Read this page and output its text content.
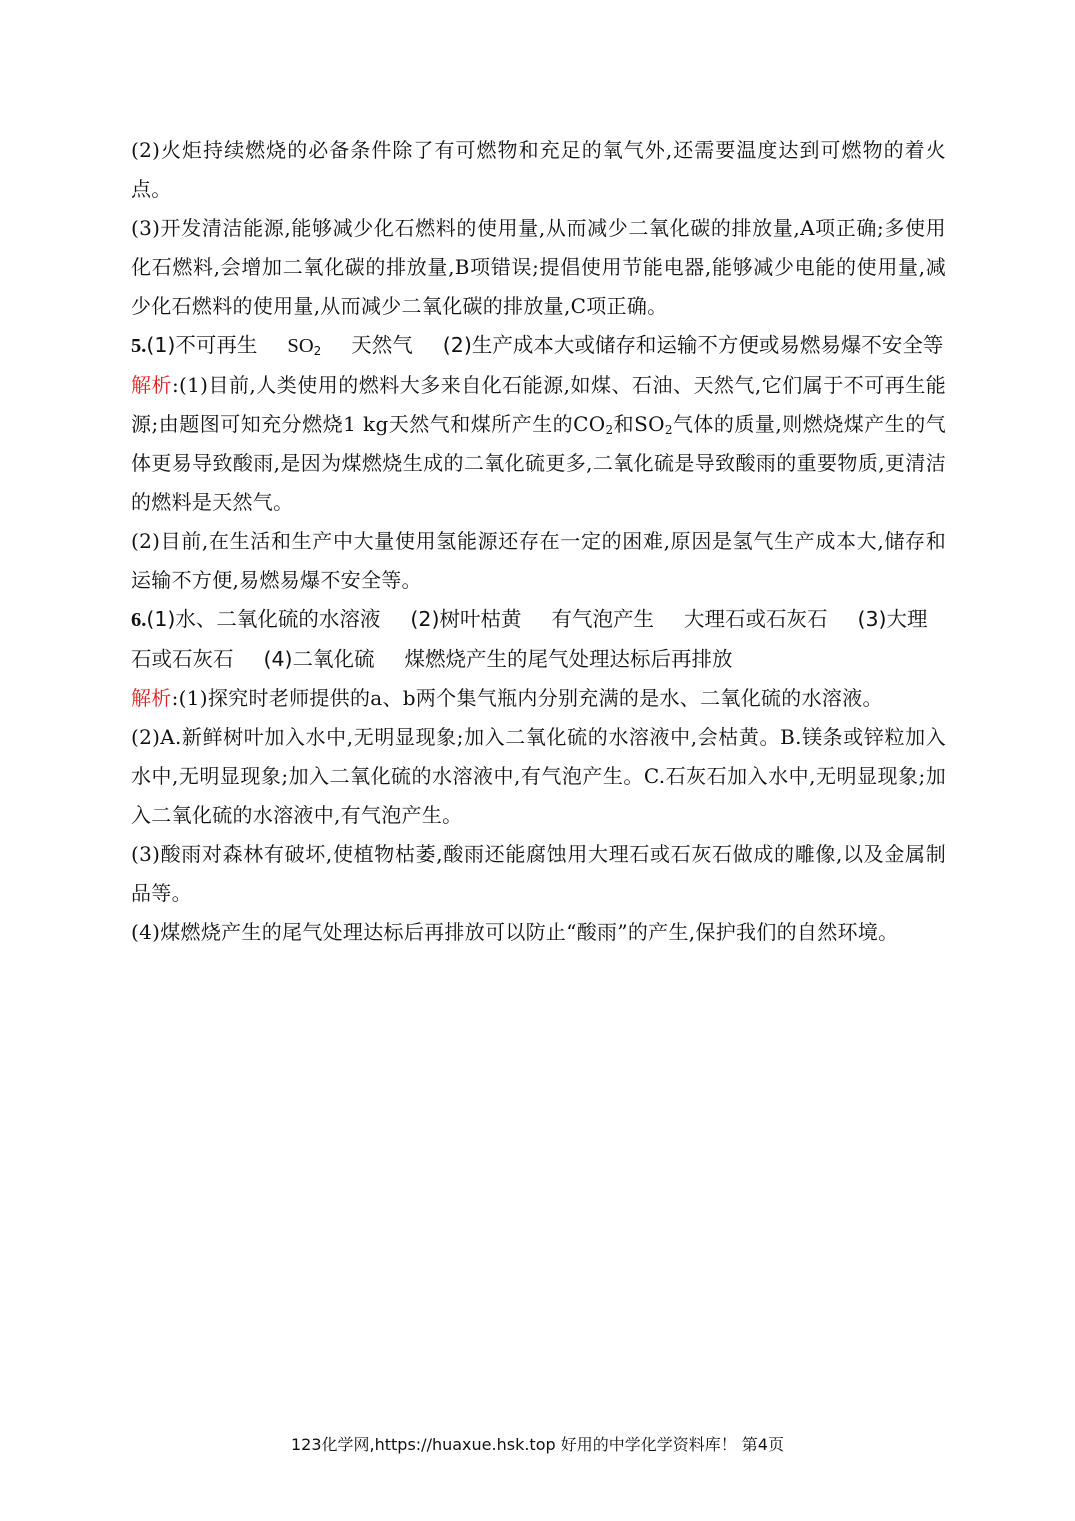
(2)火炬持续燃烧的必备条件除了有可燃物和充足的氧气外,还需要温度达到可燃物的着火点。

(3)开发清洁能源,能够减少化石燃料的使用量,从而减少二氧化碳的排放量,A项正确;多使用化石燃料,会增加二氧化碳的排放量,B项错误;提倡使用节能电器,能够减少电能的使用量,减少化石燃料的使用量,从而减少二氧化碳的排放量,C项正确。

5.(1)不可再生 $SO_2$ 天然气 (2)生产成本大或储存和运输不方便或易燃易爆不安全等

解析:(1)目前,人类使用的燃料大多来自化石能源,如煤、石油、天然气,它们属于不可再生能源;由题图可知充分燃烧1 kg天然气和煤所产生的$CO_2$和$SO_2$气体的质量,则燃烧煤产生的气体更易导致酸雨,是因为煤燃烧生成的二氧化硫更多,二氧化硫是导致酸雨的重要物质,更清洁的燃料是天然气。

(2)目前,在生活和生产中大量使用氢能源还存在一定的困难,原因是氢气生产成本大,储存和运输不方便,易燃易爆不安全等。

6.(1)水、二氧化硫的水溶液 (2)树叶枯黄 有气泡产生 大理石或石灰石 (3)大理石或石灰石 (4)二氧化硫 煤燃烧产生的尾气处理达标后再排放

解析:(1)探究时老师提供的a、b两个集气瓶内分别充满的是水、二氧化硫的水溶液。

(2)A.新鲜树叶加入水中,无明显现象;加入二氧化硫的水溶液中,会枯黄。B.镁条或锌粒加入水中,无明显现象;加入二氧化硫的水溶液中,有气泡产生。C.石灰石加入水中,无明显现象;加入二氧化硫的水溶液中,有气泡产生。

(3)酸雨对森林有破坏,使植物枯萎,酸雨还能腐蚀用大理石或石灰石做成的雕像,以及金属制品等。

(4)煤燃烧产生的尾气处理达标后再排放可以防止“酸雨”的产生,保护我们的自然环境。

123化学网,https://huaxue.hsk.top 好用的中学化学资料库！ 第4页
